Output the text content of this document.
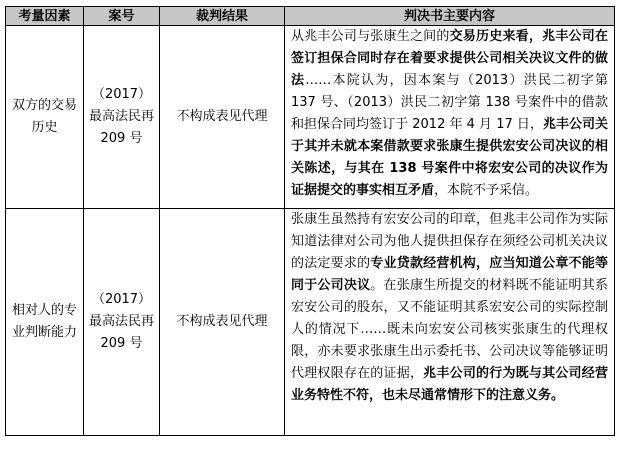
考量因素	案号	裁判结果	判决书主要内容
双方的交易历史	（2017）最高法民再 209 号	不构成表见代理	从兆丰公司与张康生之间的交易历史来看，兆丰公司在签订担保合同时存在着要求提供公司相关决议文件的做法……本院认为，因本案与（2013）洪民二初字第 137 号、（2013）洪民二初字第 138 号案件中的借款和担保合同均签订于 2012 年 4 月 17 日，兆丰公司关于其并未就本案借款要求张康生提供宏安公司决议的相关陈述，与其在 138 号案件中将宏安公司的决议作为证据提交的事实相互矛盾，本院不予采信。
相对人的专业判断能力	（2017）最高法民再 209 号	不构成表见代理	张康生虽然持有宏安公司的印章，但兆丰公司作为实际知道法律对公司为他人提供担保存在须经公司机关决议的法定要求的专业贷款经营机构，应当知道公章不能等同于公司决议。在张康生所提交的材料既不能证明其系宏安公司的股东，又不能证明其系宏安公司的实际控制人的情况下……既未向宏安公司核实张康生的代理权限，亦未要求张康生出示委托书、公司决议等能够证明代理权限存在的证据，兆丰公司的行为既与其公司经营业务特性不符，也未尽通常情形下的注意义务。
